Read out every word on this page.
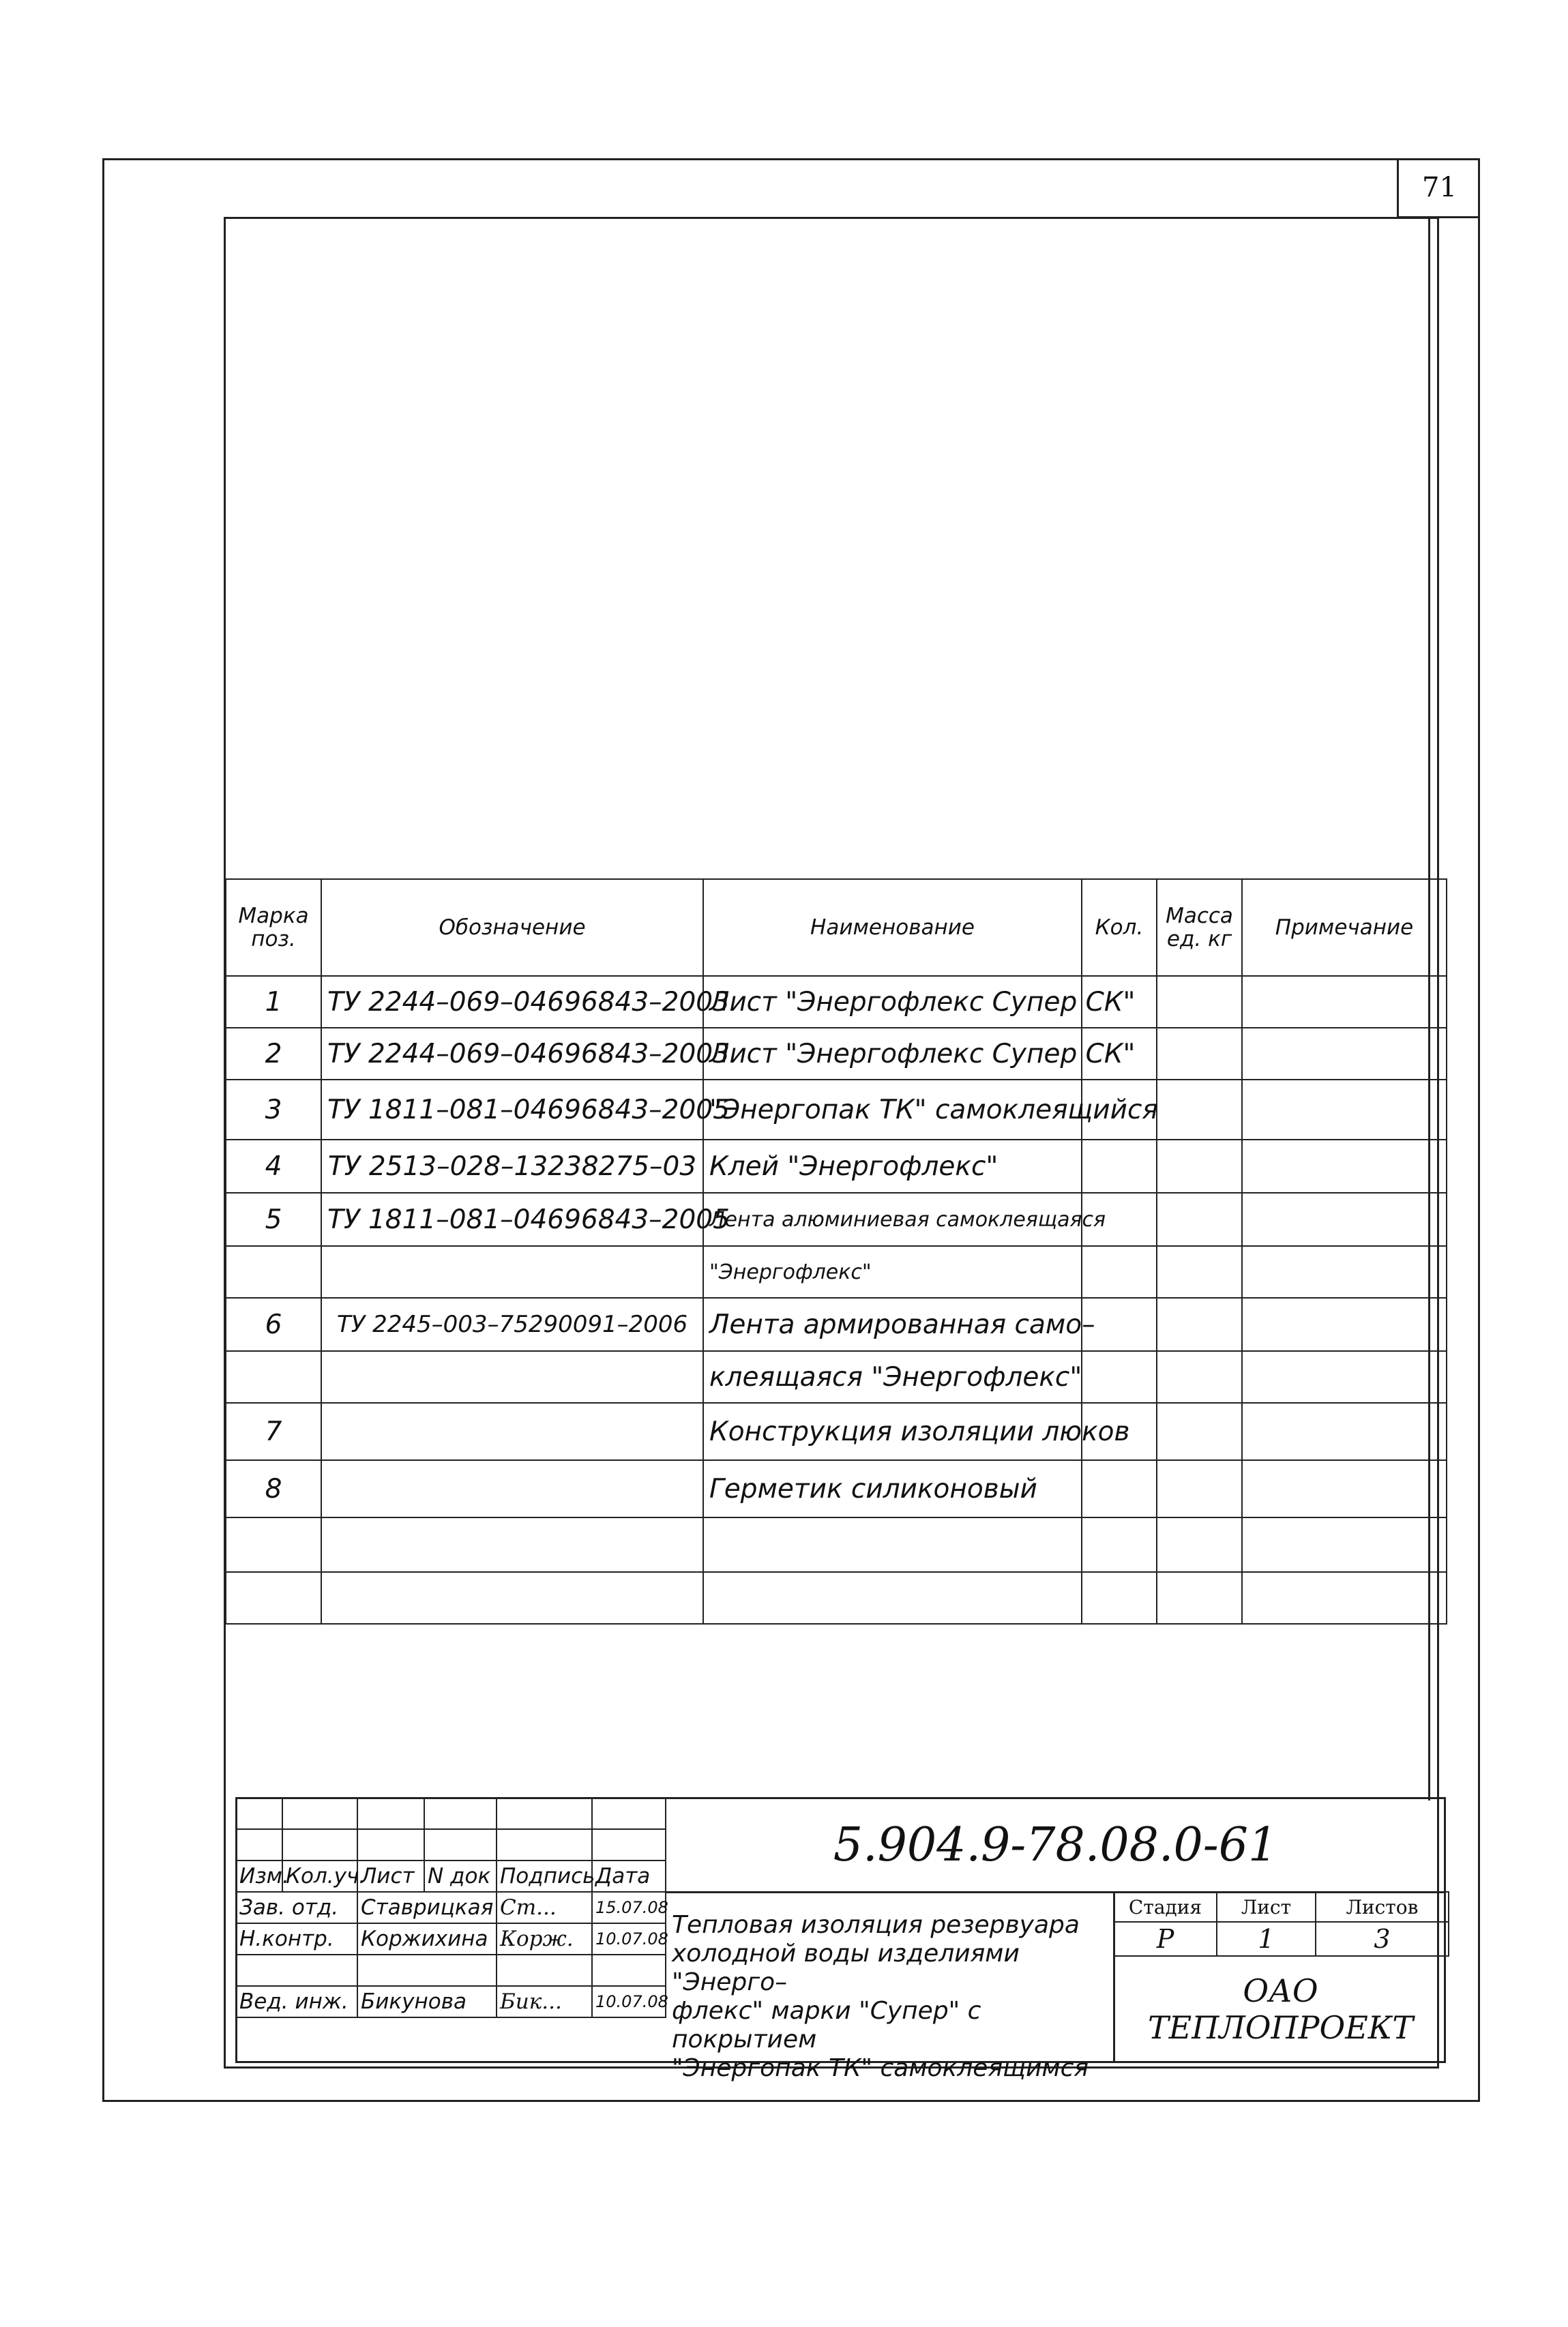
71
Марка поз.	Обозначение	Наименование	Кол.	Масса ед. кг	Примечание
1	ТУ 2244–069–04696843–2003	Лист "Энергофлекс Супер СК"			
2	ТУ 2244–069–04696843–2003	Лист "Энергофлекс Супер СК"			
3	ТУ 1811–081–04696843–2005	"Энергопак ТК" самоклеящийся			
4	ТУ 2513–028–13238275–03	Клей "Энергофлекс"			
5	ТУ 1811–081–04696843–2005	Лента алюминиевая самоклеящаяся			
		"Энергофлекс"			
6	ТУ 2245–003–75290091–2006	Лента армированная само–			
		клеящаяся "Энергофлекс"			
7		Конструкция изоляции люков			
8		Герметик силиконовый			

Изм.	Кол.уч.	Лист	N док	Подпись	Дата
Зав. отд.		Ставрицкая		Ст...	15.07.08
Н.контр.		Коржихина		Корж.	10.07.08

Вед. инж.		Бикунова		Бик...	10.07.08
5.904.9-78.08.0-61
Тепловая изоляция резервуара
холодной воды изделиями "Энерго–
флекс" марки "Супер" с покрытием
"Энергопак ТК" самоклеящимся
Стадия	Лист	Листов
Р	1	3
ОАО
ТЕПЛОПРОЕКТ
